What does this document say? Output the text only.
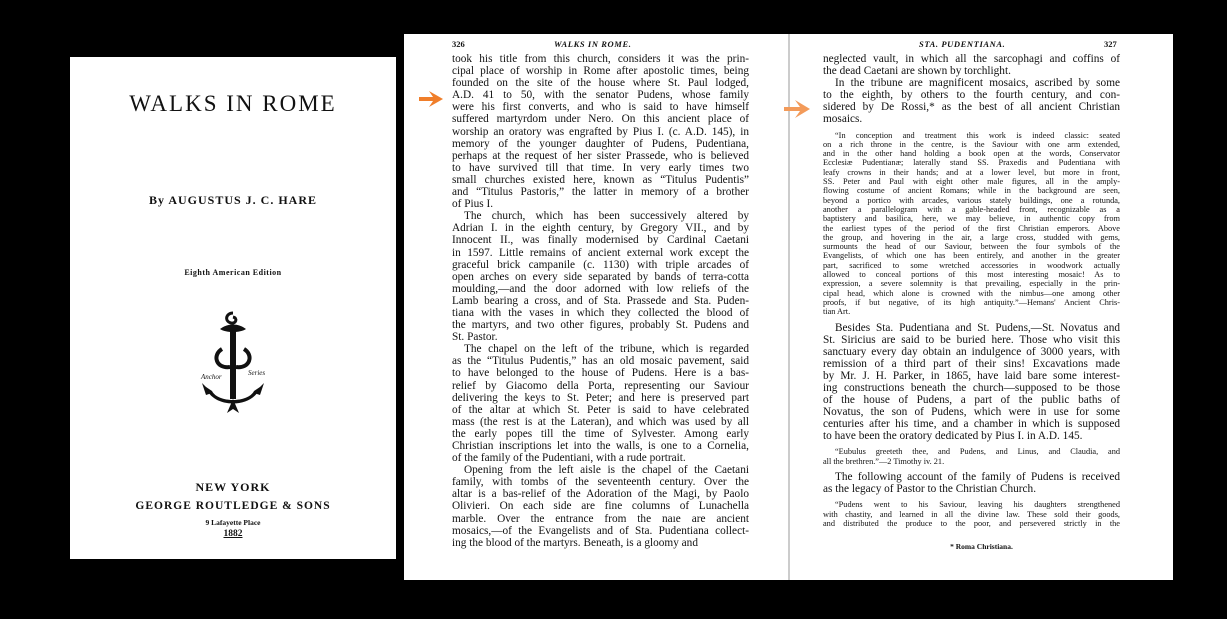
WALKS IN ROME
By AUGUSTUS J. C. HARE
Eighth American Edition
Anchor	Series
NEW YORK
GEORGE ROUTLEDGE & SONS
9 Lafayette Place
1882
326	WALKS IN ROME.
took his title from this church, considers it was the prin-
cipal place of worship in Rome after apostolic times, being
founded on the site of the house where St. Paul lodged,
A.D. 41 to 50, with the senator Pudens, whose family
were his first converts, and who is said to have himself
suffered martyrdom under Nero. On this ancient place of
worship an oratory was engrafted by Pius I. (c. A.D. 145), in
memory of the younger daughter of Pudens, Pudentiana,
perhaps at the request of her sister Prassede, who is believed
to have survived till that time. In very early times two
small churches existed here, known as “Titulus Pudentis”
and “Titulus Pastoris,” the latter in memory of a brother
of Pius I.
The church, which has been successively altered by
Adrian I. in the eighth century, by Gregory VII., and by
Innocent II., was finally modernised by Cardinal Caetani
in 1597. Little remains of ancient external work except the
graceful brick campanile (c. 1130) with triple arcades of
open arches on every side separated by bands of terra-cotta
moulding,—and the door adorned with low reliefs of the
Lamb bearing a cross, and of Sta. Prassede and Sta. Puden-
tiana with the vases in which they collected the blood of
the martyrs, and two other figures, probably St. Pudens and
St. Pastor.
The chapel on the left of the tribune, which is regarded
as the “Titulus Pudentis,” has an old mosaic pavement, said
to have belonged to the house of Pudens. Here is a bas-
relief by Giacomo della Porta, representing our Saviour
delivering the keys to St. Peter; and here is preserved part
of the altar at which St. Peter is said to have celebrated
mass (the rest is at the Lateran), and which was used by all
the early popes till the time of Sylvester. Among early
Christian inscriptions let into the walls, is one to a Cornelia,
of the family of the Pudentiani, with a rude portrait.
Opening from the left aisle is the chapel of the Caetani
family, with tombs of the seventeenth century. Over the
altar is a bas-relief of the Adoration of the Magi, by Paolo
Olivieri. On each side are fine columns of Lunachella
marble. Over the entrance from the naıe are ancient
mosaics,—of the Evangelists and of Sta. Pudentiana collect-
ing the blood of the martyrs. Beneath, is a gloomy and
STA. PUDENTIANA.	327
neglected vault, in which all the sarcophagi and coffins of
the dead Caetani are shown by torchlight.
In the tribune are magnificent mosaics, ascribed by some
to the eighth, by others to the fourth century, and con-
sidered by De Rossi,* as the best of all ancient Christian
mosaics.
“In conception and treatment this work is indeed classic: seated
on a rich throne in the centre, is the Saviour with one arm extended,
and in the other hand holding a book open at the words, Conservator
Ecclesiæ Pudentianæ; laterally stand SS. Praxedis and Pudentiana with
leafy crowns in their hands; and at a lower level, but more in front,
SS. Peter and Paul with eight other male figures, all in the amply-
flowing costume of ancient Romans; while in the background are seen,
beyond a portico with arcades, various stately buildings, one a rotunda,
another a parallelogram with a gable-headed front, recognizable as a
baptistery and basilica, here, we may believe, in authentic copy from
the earliest types of the period of the first Christian emperors. Above
the group, and hovering in the air, a large cross, studded with gems,
surmounts the head of our Saviour, between the four symbols of the
Evangelists, of which one has been entirely, and another in the greater
part, sacrificed to some wretched accessories in woodwork actually
allowed to conceal portions of this most interesting mosaic! As to
expression, a severe solemnity is that prevailing, especially in the prin-
cipal head, which alone is crowned with the nimbus—one among other
proofs, if but negative, of its high antiquity.”—Hemans' Ancient Chris-
tian Art.
Besides Sta. Pudentiana and St. Pudens,—St. Novatus and
St. Siricius are said to be buried here. Those who visit this
sanctuary every day obtain an indulgence of 3000 years, with
remission of a third part of their sins! Excavations made
by Mr. J. H. Parker, in 1865, have laid bare some interest-
ing constructions beneath the church—supposed to be those
of the house of Pudens, a part of the public baths of
Novatus, the son of Pudens, which were in use for some
centuries after his time, and a chamber in which is supposed
to have been the oratory dedicated by Pius I. in A.D. 145.
“Eubulus greeteth thee, and Pudens, and Linus, and Claudia, and
all the brethren.”—2 Timothy iv. 21.
The following account of the family of Pudens is received
as the legacy of Pastor to the Christian Church.
“Pudens went to his Saviour, leaving his daughters strengthened
with chastity, and learned in all the divine law. These sold their goods,
and distributed the produce to the poor, and persevered strictly in the
* Roma Christiana.
